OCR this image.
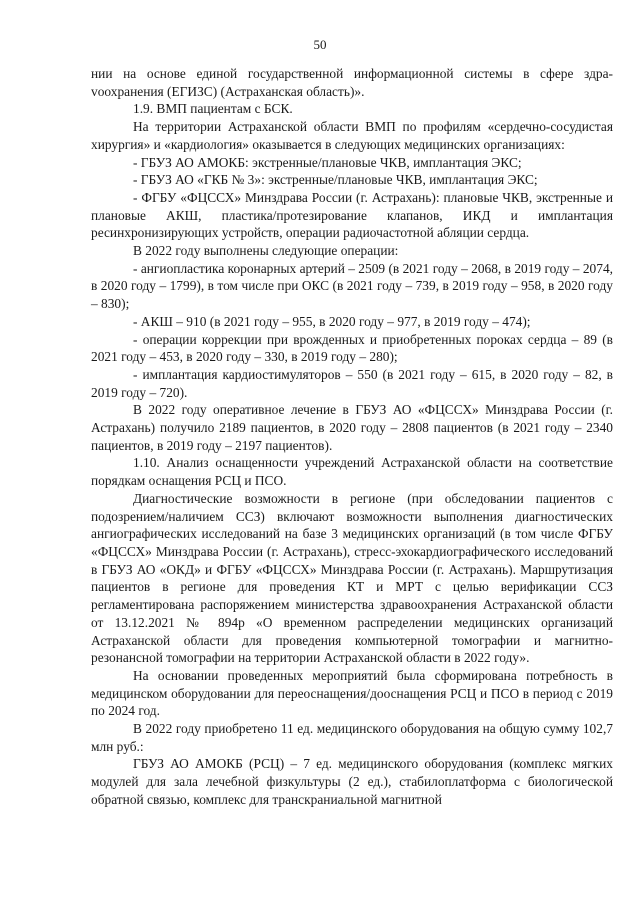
50

нии на основе единой государственной информационной системы в сфере здраvоохранения (ЕГИЗС) (Астраханская область)».

1.9. ВМП пациентам с БСК.

На территории Астраханской области ВМП по профилям «сердечно-сосудистая хирургия» и «кардиология» оказывается в следующих медицинских организациях:

- ГБУЗ АО АМОКБ: экстренные/плановые ЧКВ, имплантация ЭКС;

- ГБУЗ АО «ГКБ № 3»: экстренные/плановые ЧКВ, имплантация ЭКС;

- ФГБУ «ФЦССХ» Минздрава России (г. Астрахань): плановые ЧКВ, экстренные и плановые АКШ, пластика/протезирование клапанов, ИКД и имплантация ресинхронизирующих устройств, операции радиочастотной абляции сердца.

В 2022 году выполнены следующие операции:

- ангиопластика коронарных артерий – 2509 (в 2021 году – 2068, в 2019 году – 2074, в 2020 году – 1799), в том числе при ОКС (в 2021 году – 739, в 2019 году – 958, в 2020 году – 830);

- АКШ – 910 (в 2021 году – 955, в 2020 году – 977, в 2019 году – 474);

- операции коррекции при врожденных и приобретенных пороках сердца – 89 (в 2021 году – 453, в 2020 году – 330, в 2019 году – 280);

- имплантация кардиостимуляторов – 550 (в 2021 году – 615, в 2020 году – 82, в 2019 году – 720).

В 2022 году оперативное лечение в ГБУЗ АО «ФЦССХ» Минздрава России (г. Астрахань) получило 2189 пациентов, в 2020 году – 2808 пациентов (в 2021 году – 2340 пациентов, в 2019 году – 2197 пациентов).

1.10. Анализ оснащенности учреждений Астраханской области на соответствие порядкам оснащения РСЦ и ПСО.

Диагностические возможности в регионе (при обследовании пациентов с подозрением/наличием ССЗ) включают возможности выполнения диагностических ангиографических исследований на базе 3 медицинских организаций (в том числе ФГБУ «ФЦССХ» Минздрава России (г. Астрахань), стресс-эхокардиографического исследований в ГБУЗ АО «ОКД» и ФГБУ «ФЦССХ» Минздрава России (г. Астрахань). Маршрутизация пациентов в регионе для проведения КТ и МРТ с целью верификации ССЗ регламентирована распоряжением министерства здравоохранения Астраханской области от 13.12.2021 № 894р «О временном распределении медицинских организаций Астраханской области для проведения компьютерной томографии и магнитно-резонансной томографии на территории Астраханской области в 2022 году».

На основании проведенных мероприятий была сформирована потребность в медицинском оборудовании для переоснащения/дооснащения РСЦ и ПСО в период с 2019 по 2024 год.

В 2022 году приобретено 11 ед. медицинского оборудования на общую сумму 102,7 млн руб.:

ГБУЗ АО АМОКБ (РСЦ) – 7 ед. медицинского оборудования (комплекс мягких модулей для зала лечебной физкультуры (2 ед.), стабилоплатформа с биологической обратной связью, комплекс для транскраниальной магнитной
